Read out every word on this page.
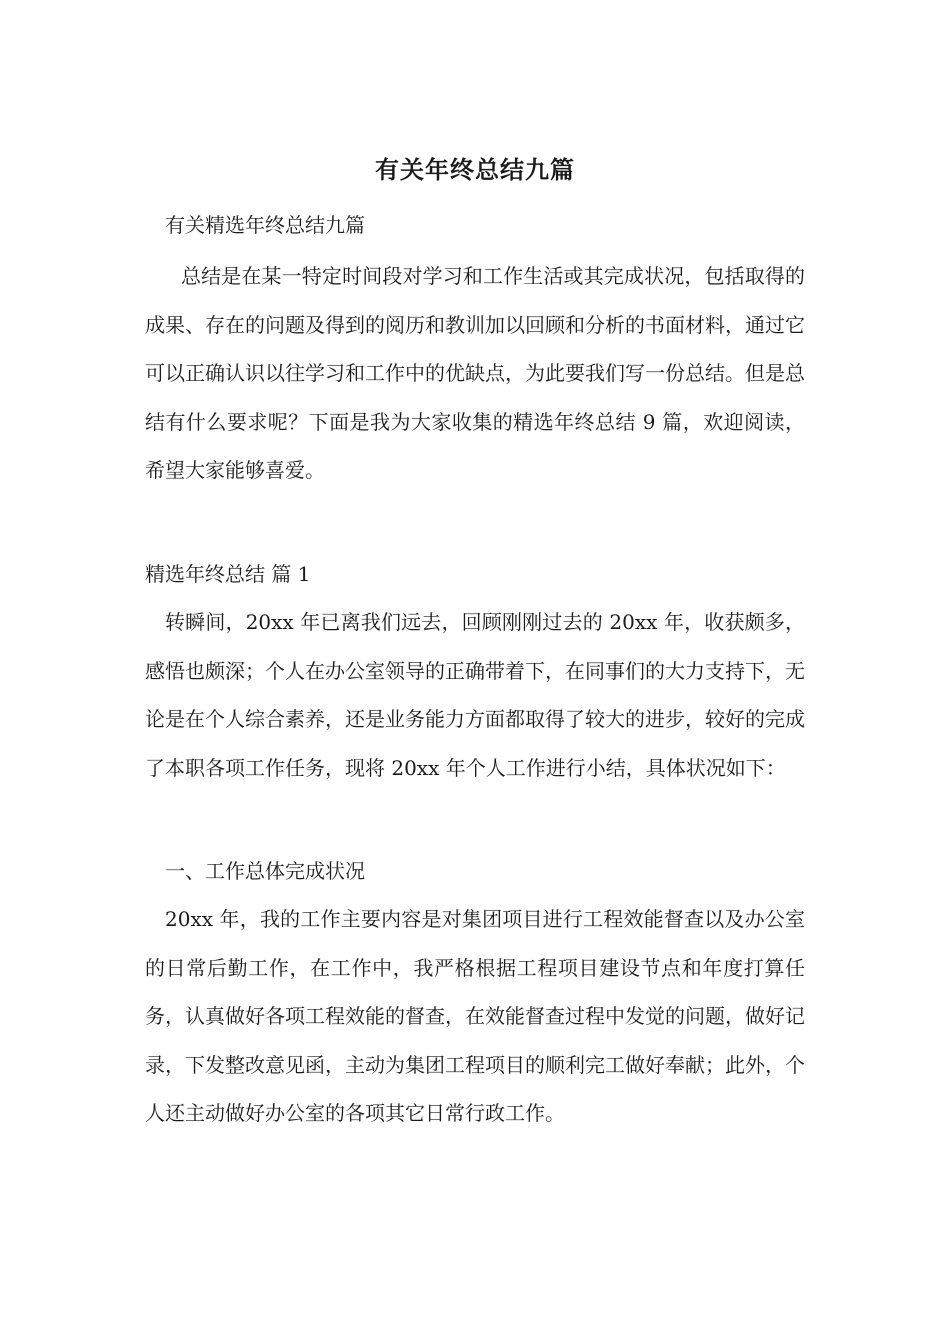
有关年终总结九篇
有关精选年终总结九篇

总结是在某一特定时间段对学习和工作生活或其完成状况，包括取得的成果、存在的问题及得到的阅历和教训加以回顾和分析的书面材料，通过它可以正确认识以往学习和工作中的优缺点，为此要我们写一份总结。但是总结有什么要求呢？下面是我为大家收集的精选年终总结 9 篇，欢迎阅读，希望大家能够喜爱。

精选年终总结 篇 1

转瞬间，20xx 年已离我们远去，回顾刚刚过去的 20xx 年，收获颇多，感悟也颇深；个人在办公室领导的正确带着下，在同事们的大力支持下，无论是在个人综合素养，还是业务能力方面都取得了较大的进步，较好的完成了本职各项工作任务，现将 20xx 年个人工作进行小结，具体状况如下：

一、工作总体完成状况

20xx 年，我的工作主要内容是对集团项目进行工程效能督查以及办公室的日常后勤工作，在工作中，我严格根据工程项目建设节点和年度打算任务，认真做好各项工程效能的督查，在效能督查过程中发觉的问题，做好记录，下发整改意见函，主动为集团工程项目的顺利完工做好奉献；此外，个人还主动做好办公室的各项其它日常行政工作。
